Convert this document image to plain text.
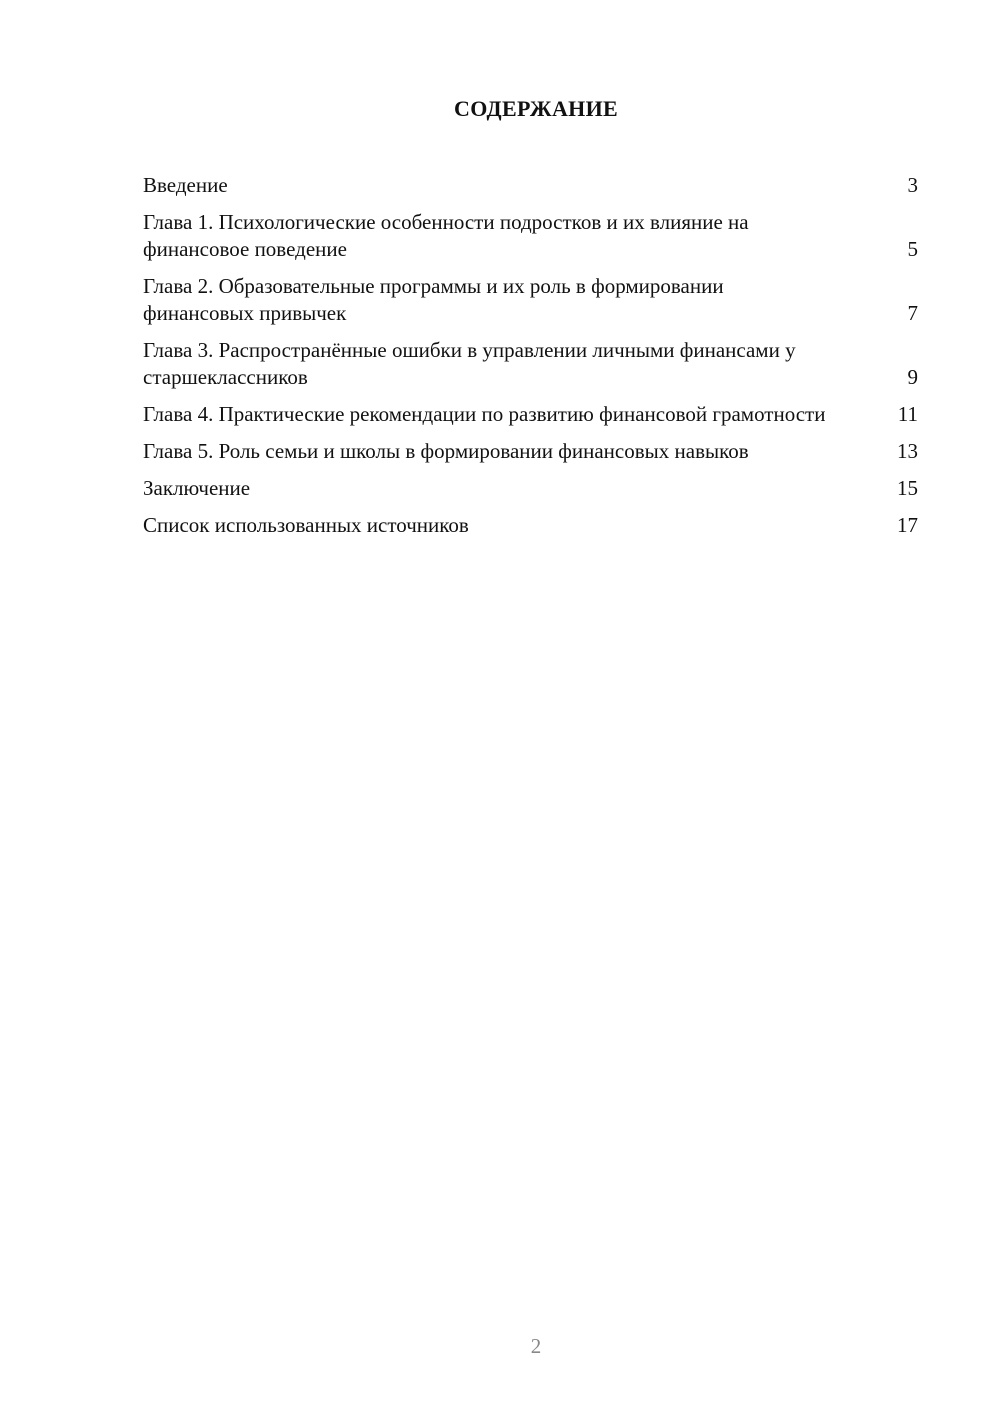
СОДЕРЖАНИЕ
Введение	3
Глава 1. Психологические особенности подростков и их влияние на финансовое поведение	5
Глава 2. Образовательные программы и их роль в формировании финансовых привычек	7
Глава 3. Распространённые ошибки в управлении личными финансами у старшеклассников	9
Глава 4. Практические рекомендации по развитию финансовой грамотности	11
Глава 5. Роль семьи и школы в формировании финансовых навыков	13
Заключение	15
Список использованных источников	17
2
